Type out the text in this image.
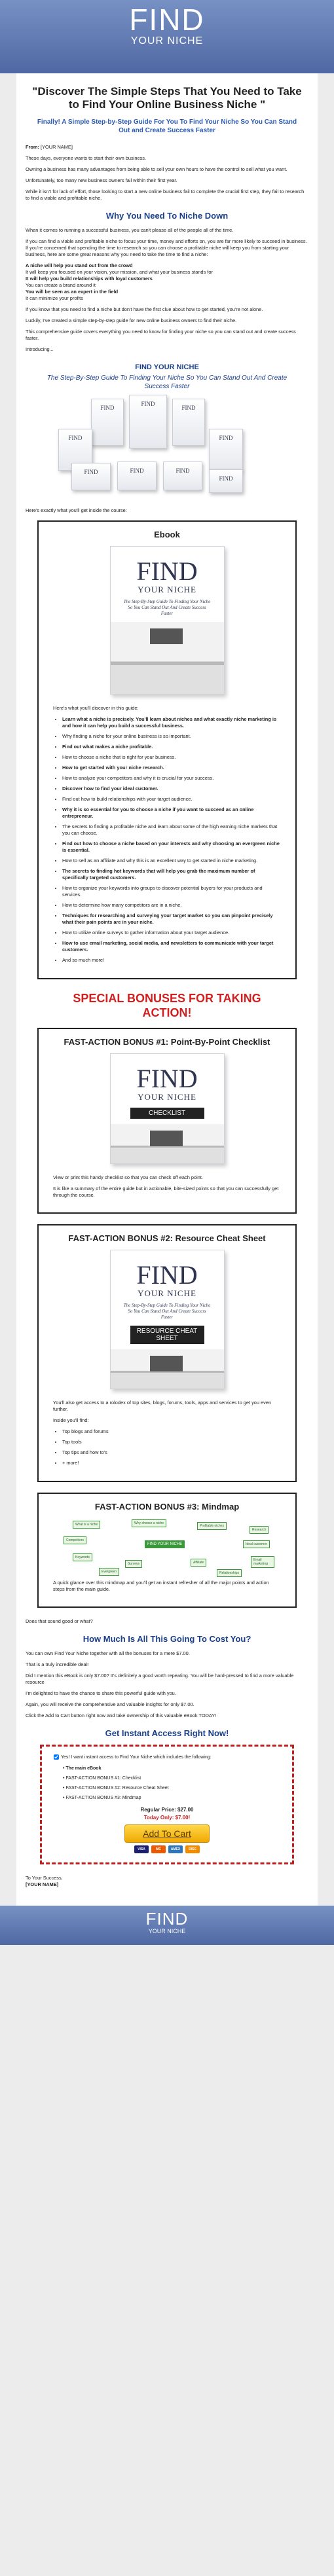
FIND
YOUR NICHE
"Discover The Simple Steps That You Need to Take to Find Your Online Business Niche "
Finally! A Simple Step-by-Step Guide For You To Find Your Niche So You Can Stand Out and Create Success Faster

From: [YOUR NAME]

These days, everyone wants to start their own business.

Owning a business has many advantages from being able to sell your own hours to have the control to sell what you want.

Unfortunately, too many new business owners fail within their first year.

While it isn't for lack of effort, those looking to start a new online business fail to complete the crucial first step, they fail to research to find a viable and profitable niche.

Why You Need To Niche Down

When it comes to running a successful business, you can't please all of the people all of the time.

If you can find a viable and profitable niche to focus your time, money and efforts on, you are far more likely to succeed in business. If you're concerned that spending the time to research so you can choose a profitable niche will keep you from starting your business, here are some great reasons why you need to take the time to find a niche:

A niche will help you stand out from the crowd
It will keep you focused on your vision, your mission, and what your business stands for
It will help you build relationships with loyal customers
You can create a brand around it
You will be seen as an expert in the field
It can minimize your profits

If you know that you need to find a niche but don't have the first clue about how to get started, you're not alone.

Luckily, I've created a simple step-by-step guide for new online business owners to find their niche.

This comprehensive guide covers everything you need to know for finding your niche so you can stand out and create success faster.

Introducing...

FIND YOUR NICHE
The Step-By-Step Guide To Finding Your Niche So You Can Stand Out And Create Success Faster
FIND
FIND
FIND
FIND	FIND
FIND	FIND	FIND
FIND

Here's exactly what you'll get inside the course:

Ebook
FIND
YOUR NICHE
The Step-By-Step Guide To Finding Your Niche So You Can Stand Out And Create Success Faster

Here's what you'll discover in this guide:

• Learn what a niche is precisely. You'll learn about niches and what exactly niche marketing is and how it can help you build a successful business.
• Why finding a niche for your online business is so important.
• Find out what makes a niche profitable.
• How to choose a niche that is right for your business.
• How to get started with your niche research.
• How to analyze your competitors and why it is crucial for your success.
• Discover how to find your ideal customer.
• Find out how to build relationships with your target audience.
• Why it is so essential for you to choose a niche if you want to succeed as an online entrepreneur.
• The secrets to finding a profitable niche and learn about some of the high earning niche markets that you can choose.
• Find out how to choose a niche based on your interests and why choosing an evergreen niche is essential.
• How to sell as an affiliate and why this is an excellent way to get started in niche marketing.
• The secrets to finding hot keywords that will help you grab the maximum number of specifically targeted customers.
• How to organize your keywords into groups to discover potential buyers for your products and services.
• How to determine how many competitors are in a niche.
• Techniques for researching and surveying your target market so you can pinpoint precisely what their pain points are in your niche.
• How to utilize online surveys to gather information about your target audience.
• How to use email marketing, social media, and newsletters to communicate with your target customers.
• And so much more!
SPECIAL BONUSES FOR TAKING ACTION!
FAST-ACTION BONUS #1: Point-By-Point Checklist
FIND
YOUR NICHE
CHECKLIST

View or print this handy checklist so that you can check off each point.

It is like a summary of the entire guide but in actionable, bite-sized points so that you can successfully get through the course.

FAST-ACTION BONUS #2: Resource Cheat Sheet
FIND
YOUR NICHE
The Step-By-Step Guide To Finding Your Niche So You Can Stand Out And Create Success Faster
RESOURCE CHEAT SHEET

You'll also get access to a rolodex of top sites, blogs, forums, tools, apps and services to get you even further.

Inside you'll find:

• Top blogs and forums
• Top tools
• Top tips and how to's
• + more!
FAST-ACTION BONUS #3: Mindmap
FIND YOUR NICHE
What is a niche	Why choose a niche
Profitable niches
Research
Competitors
Ideal customer
Keywords
Surveys	Affiliate
Email marketing
Evergreen	Relationships

A quick glance over this mindmap and you'll get an instant refresher of all the major points and action steps from the main guide.

Does that sound good or what?

How Much Is All This Going To Cost You?

You can own Find Your Niche together with all the bonuses for a mere $7.00.

That is a truly incredible deal!

Did I mention this eBook is only $7.00? It's definitely a good worth repeating. You will be hard-pressed to find a more valuable resource

I'm delighted to have the chance to share this powerful guide with you.

Again, you will receive the comprehensive and valuable insights for only $7.00.

Click the Add to Cart button right now and take ownership of this valuable eBook TODAY!

Get Instant Access Right Now!

Yes! I want instant access to Find Your Niche which includes the following:

• The main eBook
• FAST-ACTION BONUS #1: Checklist
• FAST-ACTION BONUS #2: Resource Cheat Sheet
• FAST-ACTION BONUS #3: Mindmap
Regular Price: $27.00
Today Only: $7.00!
Add To Cart
VISA	MC	AMEX	DISC

To Your Success,
[YOUR NAME]

FIND
YOUR NICHE
